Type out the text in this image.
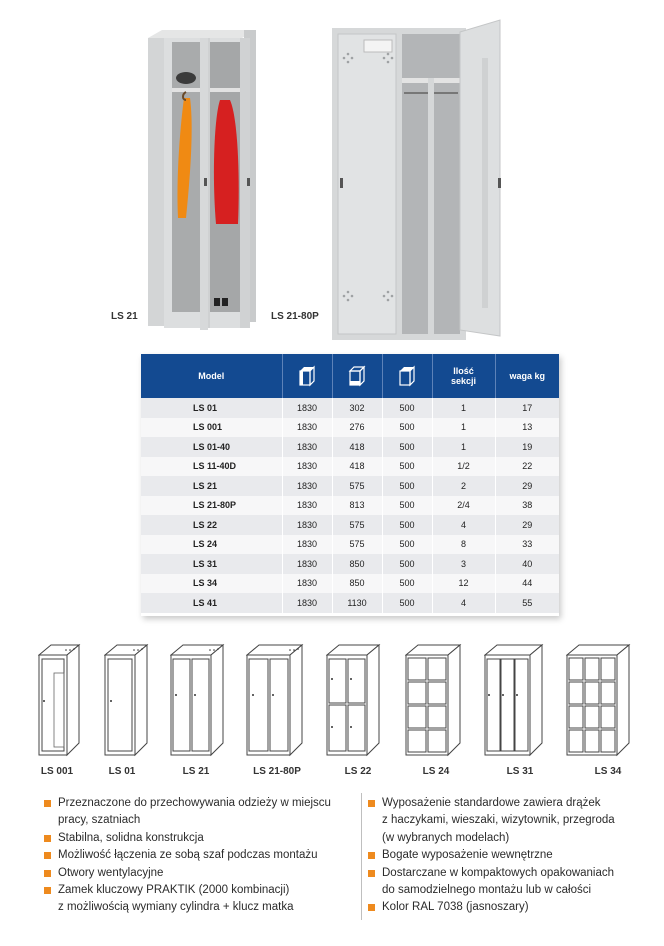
LS 21	LS 21-80P
Model				Ilość
sekcji	waga kg
LS 01	1830	302	500	1	17
LS 001	1830	276	500	1	13
LS 01-40	1830	418	500	1	19
LS 11-40D	1830	418	500	1/2	22
LS 21	1830	575	500	2	29
LS 21-80P	1830	813	500	2/4	38
LS 22	1830	575	500	4	29
LS 24	1830	575	500	8	33
LS 31	1830	850	500	3	40
LS 34	1830	850	500	12	44
LS 41	1830	1130	500	4	55
LS 001	LS 01	LS 21	LS 21-80P	LS 22	LS 24	LS 31	LS 34
Przeznaczone do przechowywania odzieży w miejscu
pracy, szatniach
Stabilna, solidna konstrukcja
Możliwość łączenia ze sobą szaf podczas montażu
Otwory wentylacyjne
Zamek kluczowy PRAKTIK (2000 kombinacji)
z możliwością wymiany cylindra + klucz matka
Wyposażenie standardowe zawiera drążek
z haczykami, wieszaki, wizytownik, przegroda
(w wybranych modelach)
Bogate wyposażenie wewnętrzne
Dostarczane w kompaktowych opakowaniach
do samodzielnego montażu lub w całości
Kolor RAL 7038 (jasnoszary)
